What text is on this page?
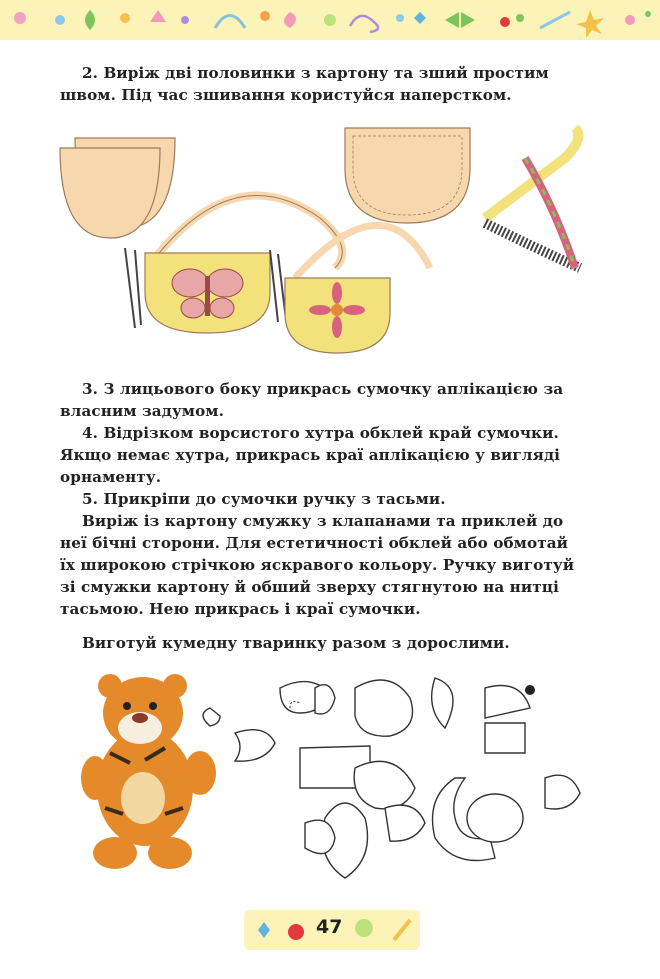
2. Виріж дві половинки з картону та зший простим

швом. Під час зшивання користуйся наперстком.

3. З лицьового боку прикрась сумочку аплікацією за

власним задумом.

4. Відрізком ворсистого хутра обклей край сумочки.

Якщо немає хутра, прикрась краї аплікацією у вигляді

орнаменту.

5. Прикріпи до сумочки ручку з тасьми.

Виріж із картону смужку з клапанами та приклей до

неї бічні сторони. Для естетичності обклей або обмотай

їх широкою стрічкою яскравого кольору. Ручку виготуй

зі смужки картону й обший зверху стягнутою на нитці

тасьмою. Нею прикрась і краї сумочки.

Виготуй кумедну тваринку разом з дорослими.

47
